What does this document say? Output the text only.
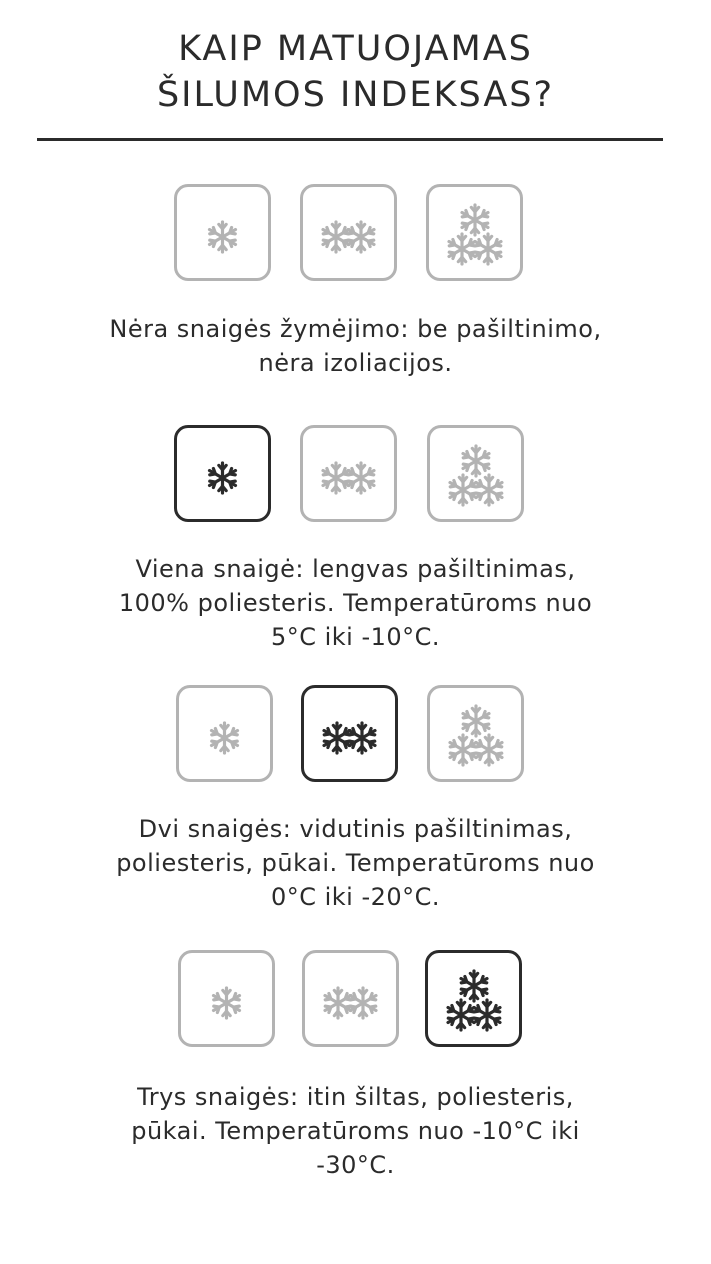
KAIP MATUOJAMAS
ŠILUMOS INDEKSAS?
Nėra snaigės žymėjimo: be pašiltinimo,
nėra izoliacijos.
Viena snaigė: lengvas pašiltinimas,
100% poliesteris. Temperatūroms nuo
5°C iki -10°C.
Dvi snaigės: vidutinis pašiltinimas,
poliesteris, pūkai. Temperatūroms nuo
0°C iki -20°C.
Trys snaigės: itin šiltas, poliesteris,
pūkai. Temperatūroms nuo -10°C iki
-30°C.
